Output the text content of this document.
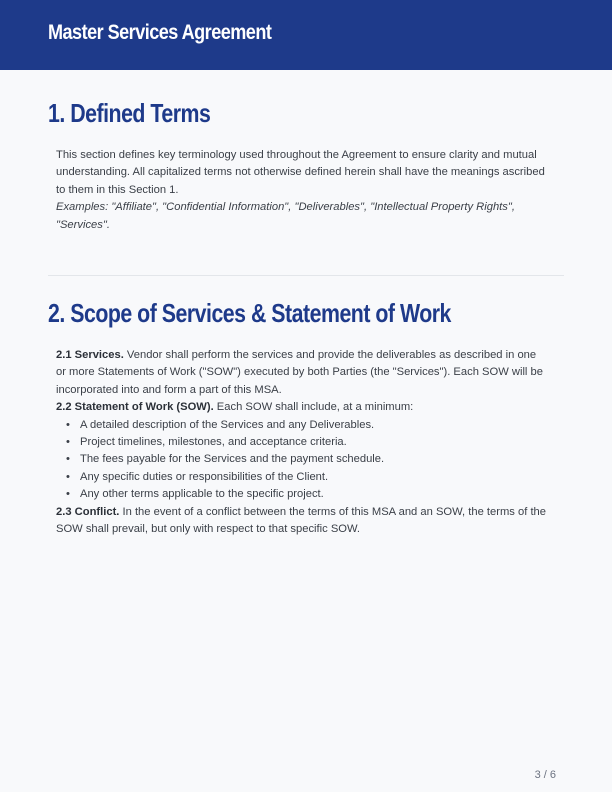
Master Services Agreement
1. Defined Terms

This section defines key terminology used throughout the Agreement to ensure clarity and mutual understanding. All capitalized terms not otherwise defined herein shall have the meanings ascribed to them in this Section 1.

Examples: "Affiliate", "Confidential Information", "Deliverables", "Intellectual Property Rights", "Services".

2. Scope of Services & Statement of Work

2.1 Services. Vendor shall perform the services and provide the deliverables as described in one or more Statements of Work ("SOW") executed by both Parties (the "Services"). Each SOW will be incorporated into and form a part of this MSA.

2.2 Statement of Work (SOW). Each SOW shall include, at a minimum:

• A detailed description of the Services and any Deliverables.
• Project timelines, milestones, and acceptance criteria.
• The fees payable for the Services and the payment schedule.
• Any specific duties or responsibilities of the Client.
• Any other terms applicable to the specific project.

2.3 Conflict. In the event of a conflict between the terms of this MSA and an SOW, the terms of the SOW shall prevail, but only with respect to that specific SOW.

3 / 6
